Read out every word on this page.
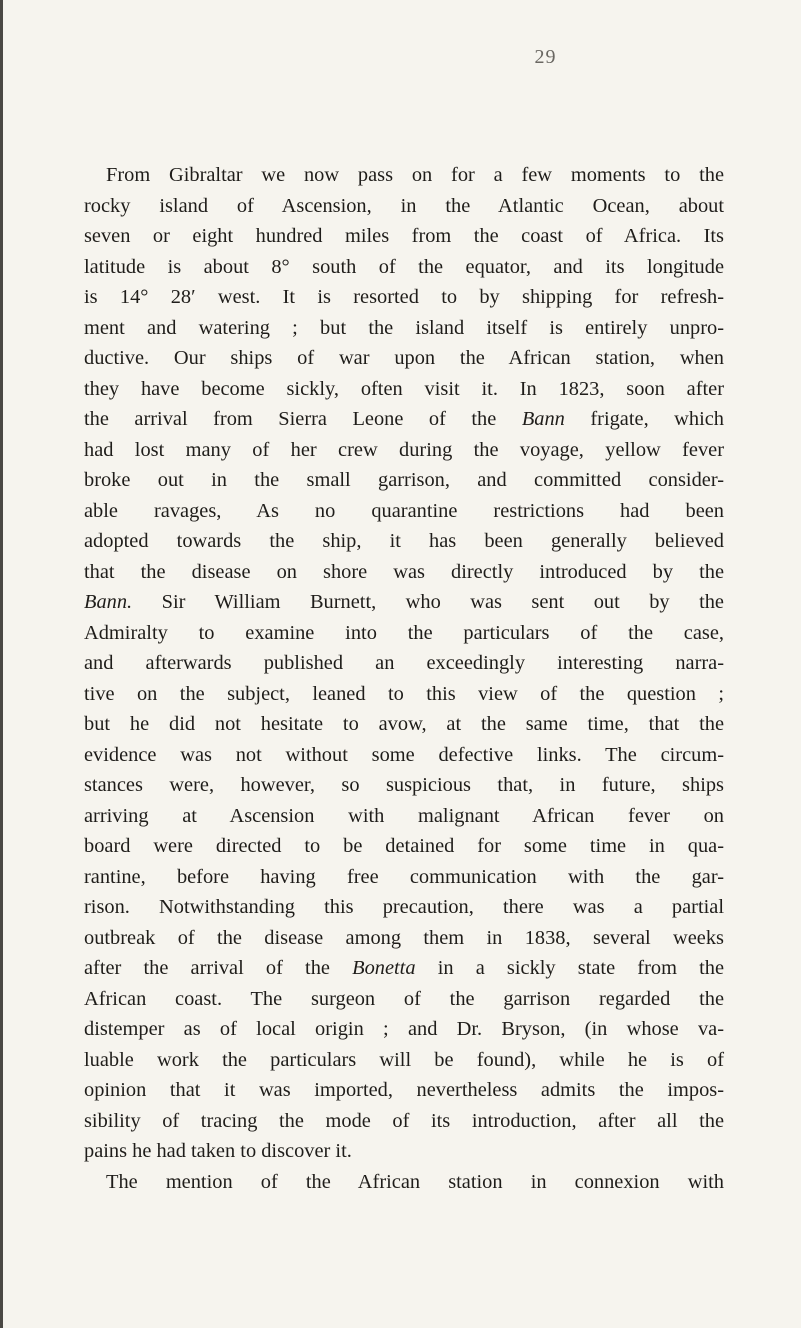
29
From Gibraltar we now pass on for a few moments to the
rocky island of Ascension, in the Atlantic Ocean, about
seven or eight hundred miles from the coast of Africa. Its
latitude is about 8° south of the equator, and its longitude
is 14° 28′ west. It is resorted to by shipping for refresh-
ment and watering ; but the island itself is entirely unpro-
ductive. Our ships of war upon the African station, when
they have become sickly, often visit it. In 1823, soon after
the arrival from Sierra Leone of the Bann frigate, which
had lost many of her crew during the voyage, yellow fever
broke out in the small garrison, and committed consider-
able ravages, As no quarantine restrictions had been
adopted towards the ship, it has been generally believed
that the disease on shore was directly introduced by the
Bann. Sir William Burnett, who was sent out by the
Admiralty to examine into the particulars of the case,
and afterwards published an exceedingly interesting narra-
tive on the subject, leaned to this view of the question ;
but he did not hesitate to avow, at the same time, that the
evidence was not without some defective links. The circum-
stances were, however, so suspicious that, in future, ships
arriving at Ascension with malignant African fever on
board were directed to be detained for some time in qua-
rantine, before having free communication with the gar-
rison. Notwithstanding this precaution, there was a partial
outbreak of the disease among them in 1838, several weeks
after the arrival of the Bonetta in a sickly state from the
African coast. The surgeon of the garrison regarded the
distemper as of local origin ; and Dr. Bryson, (in whose va-
luable work the particulars will be found), while he is of
opinion that it was imported, nevertheless admits the impos-
sibility of tracing the mode of its introduction, after all the
pains he had taken to discover it.
The mention of the African station in connexion with
